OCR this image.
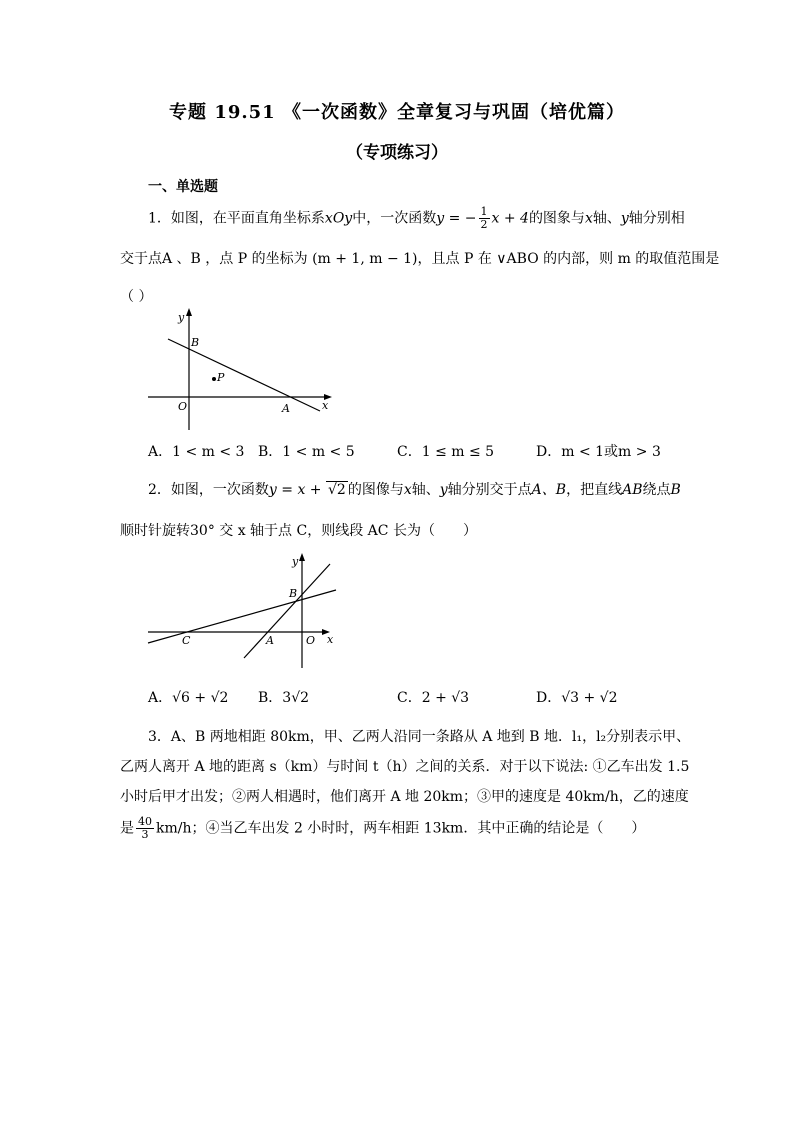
专题 19.51 《一次函数》全章复习与巩固（培优篇）
（专项练习）
一、单选题
1．如图，在平面直角坐标系xOy中，一次函数y = − $\frac{1}{2}$ x + 4的图象与x轴、y轴分别相
交于点A 、B ，点 P 的坐标为 (m + 1, m − 1)，且点 P 在 ∨ABO 的内部，则 m 的取值范围是
（ ）
y
B
P
O	A	x
A．1 < m < 3 B．1 < m < 5	C．1 ≤ m ≤ 5	D．m < 1或m > 3
2．如图，一次函数y = x + √2 的图像与x轴、y轴分别交于点A、B，把直线AB绕点B
顺时针旋转30° 交 x 轴于点 C，则线段 AC 长为（　　）
y
B
C	A	O x
A．√6 + √2 B．3√2	C．2 + √3	D．√3 + √2
3．A、B 两地相距 80km，甲、乙两人沿同一条路从 A 地到 B 地．l₁，l₂分别表示甲、
乙两人离开 A 地的距离 s（km）与时间 t（h）之间的关系．对于以下说法: ①乙车出发 1.5
小时后甲才出发；②两人相遇时，他们离开 A 地 20km；③甲的速度是 40km/h，乙的速度
是 $\frac{40}{3} km/h$；④当乙车出发 2 小时时，两车相距 13km．其中正确的结论是（　　）
